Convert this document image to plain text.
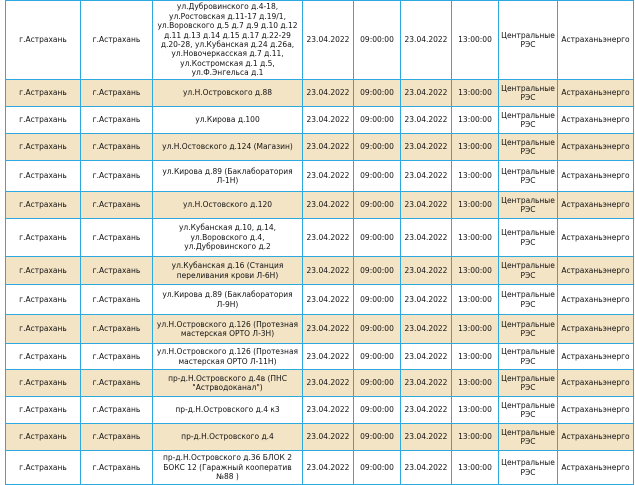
г.Астрахань	г.Астрахань	ул.Дубровинского д.4-18, ул.Ростовская д.11-17 д.19/1, ул.Воровского д.5 д.7 д.9 д.10 д.12 д.11 д.13 д.14 д.15 д.17 д.22-29 д.20-28, ул.Кубанская д.24 д.26а, ул.Новочеркасская д.7 д.11, ул.Костромская д.1 д.5, ул.Ф.Энгельса д.1	23.04.2022	09:00:00	23.04.2022	13:00:00	Центральные РЭС	Астраханьэнерго
г.Астрахань	г.Астрахань	ул.Н.Островского д.88	23.04.2022	09:00:00	23.04.2022	13:00:00	Центральные РЭС	Астраханьэнерго
г.Астрахань	г.Астрахань	ул.Кирова д.100	23.04.2022	09:00:00	23.04.2022	13:00:00	Центральные РЭС	Астраханьэнерго
г.Астрахань	г.Астрахань	ул.Н.Остовского д.124 (Магазин)	23.04.2022	09:00:00	23.04.2022	13:00:00	Центральные РЭС	Астраханьэнерго
г.Астрахань	г.Астрахань	ул.Кирова д.89 (Баклаборатория Л-1Н)	23.04.2022	09:00:00	23.04.2022	13:00:00	Центральные РЭС	Астраханьэнерго
г.Астрахань	г.Астрахань	ул.Н.Остовского д.120	23.04.2022	09:00:00	23.04.2022	13:00:00	Центральные РЭС	Астраханьэнерго
г.Астрахань	г.Астрахань	ул.Кубанская д.10, д.14, ул.Воровского д.4, ул.Дубровинского д.2	23.04.2022	09:00:00	23.04.2022	13:00:00	Центральные РЭС	Астраханьэнерго
г.Астрахань	г.Астрахань	ул.Кубанская д.16 (Станция переливания крови Л-6Н)	23.04.2022	09:00:00	23.04.2022	13:00:00	Центральные РЭС	Астраханьэнерго
г.Астрахань	г.Астрахань	ул.Кирова д.89 (Баклаборатория Л-9Н)	23.04.2022	09:00:00	23.04.2022	13:00:00	Центральные РЭС	Астраханьэнерго
г.Астрахань	г.Астрахань	ул.Н.Островского д.126 (Протезная мастерская ОРТО Л-3Н)	23.04.2022	09:00:00	23.04.2022	13:00:00	Центральные РЭС	Астраханьэнерго
г.Астрахань	г.Астрахань	ул.Н.Островского д.126 (Протезная мастерская ОРТО Л-11Н)	23.04.2022	09:00:00	23.04.2022	13:00:00	Центральные РЭС	Астраханьэнерго
г.Астрахань	г.Астрахань	пр-д.Н.Островского д.4в (ПНС "Астрводоканал")	23.04.2022	09:00:00	23.04.2022	13:00:00	Центральные РЭС	Астраханьэнерго
г.Астрахань	г.Астрахань	пр-д.Н.Островского д.4 к3	23.04.2022	09:00:00	23.04.2022	13:00:00	Центральные РЭС	Астраханьэнерго
г.Астрахань	г.Астрахань	пр-д.Н.Островского д.4	23.04.2022	09:00:00	23.04.2022	13:00:00	Центральные РЭС	Астраханьэнерго
г.Астрахань	г.Астрахань	пр-д.Н.Островского д.36 БЛОК 2 БОКС 12 (Гаражный кооператив №88 )	23.04.2022	09:00:00	23.04.2022	13:00:00	Центральные РЭС	Астраханьэнерго
